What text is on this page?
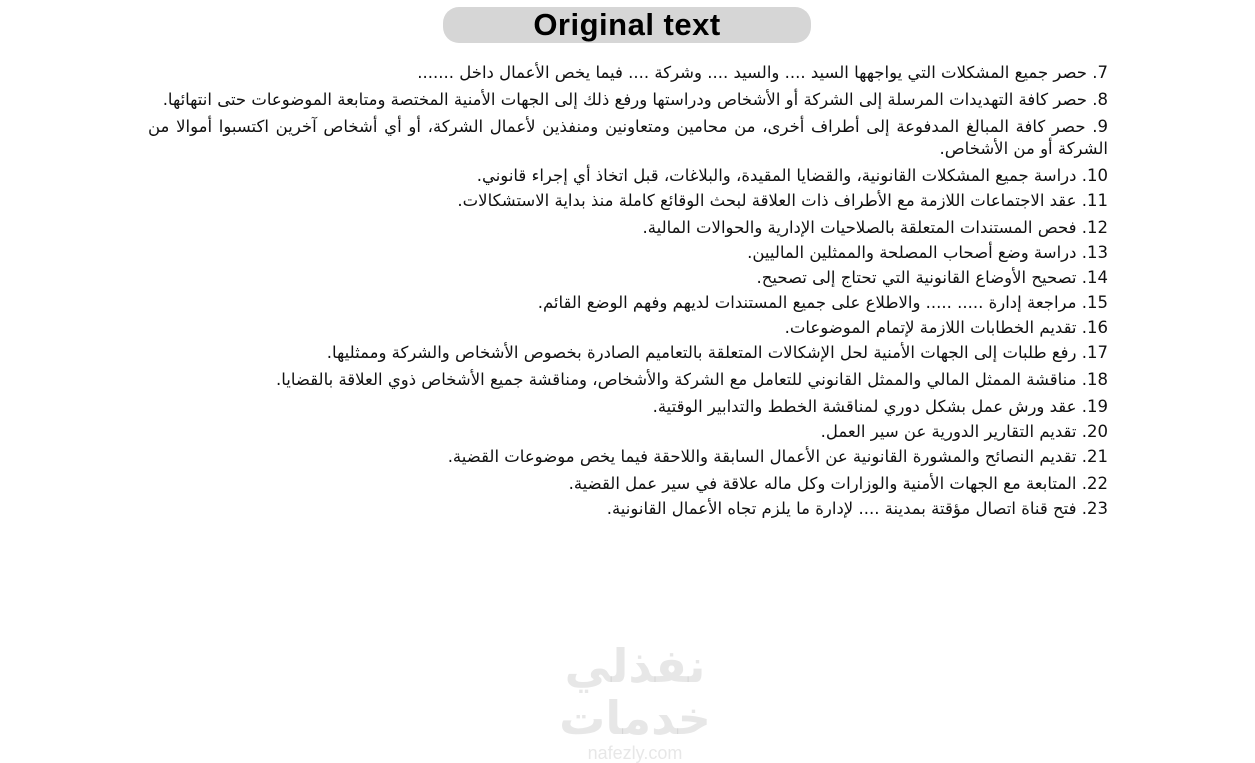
Original text

7. حصر جميع المشكلات التي يواجهها السيد .... والسيد .... وشركة .... فيما يخص الأعمال داخل .......

8. حصر كافة التهديدات المرسلة إلى الشركة أو الأشخاص ودراستها ورفع ذلك إلى الجهات الأمنية المختصة ومتابعة الموضوعات حتى انتهائها.

9. حصر كافة المبالغ المدفوعة إلى أطراف أخرى، من محامين ومتعاونين ومنفذين لأعمال الشركة، أو أي أشخاص آخرين اكتسبوا أموالا من الشركة أو من الأشخاص.

10. دراسة جميع المشكلات القانونية، والقضايا المقيدة، والبلاغات، قبل اتخاذ أي إجراء قانوني.

11. عقد الاجتماعات اللازمة مع الأطراف ذات العلاقة لبحث الوقائع كاملة منذ بداية الاستشكالات.

12. فحص المستندات المتعلقة بالصلاحيات الإدارية والحوالات المالية.

13. دراسة وضع أصحاب المصلحة والممثلين الماليين.

14. تصحيح الأوضاع القانونية التي تحتاج إلى تصحيح.

15. مراجعة إدارة ..... ..... والاطلاع على جميع المستندات لديهم وفهم الوضع القائم.

16. تقديم الخطابات اللازمة لإتمام الموضوعات.

17. رفع طلبات إلى الجهات الأمنية لحل الإشكالات المتعلقة بالتعاميم الصادرة بخصوص الأشخاص والشركة وممثليها.

18. مناقشة الممثل المالي والممثل القانوني للتعامل مع الشركة والأشخاص، ومناقشة جميع الأشخاص ذوي العلاقة بالقضايا.

19. عقد ورش عمل بشكل دوري لمناقشة الخطط والتدابير الوقتية.

20. تقديم التقارير الدورية عن سير العمل.

21. تقديم النصائح والمشورة القانونية عن الأعمال السابقة واللاحقة فيما يخص موضوعات القضية.

22. المتابعة مع الجهات الأمنية والوزارات وكل ماله علاقة في سير عمل القضية.

23. فتح قناة اتصال مؤقتة بمدينة .... لإدارة ما يلزم تجاه الأعمال القانونية.

نفذلي خدمات
nafezly.com
